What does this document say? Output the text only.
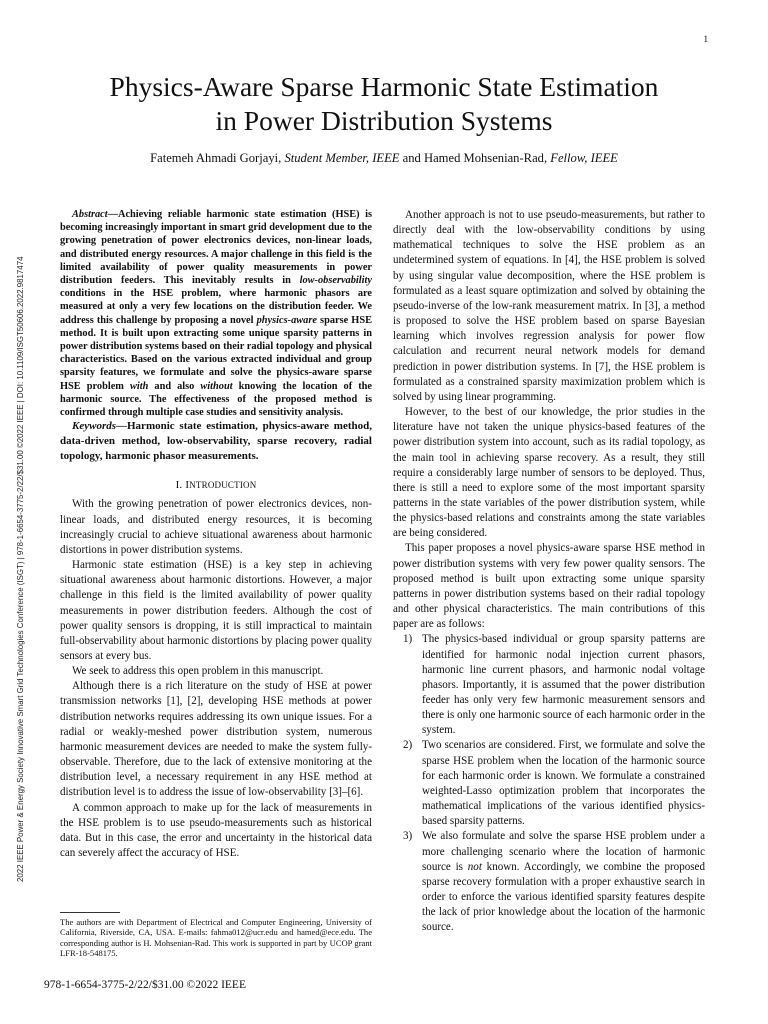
1
2022 IEEE Power & Energy Society Innovative Smart Grid Technologies Conference (ISGT) | 978-1-6654-3775-2/22/$31.00 ©2022 IEEE | DOI: 10.1109/ISGT50606.2022.9817474
Physics-Aware Sparse Harmonic State Estimation
in Power Distribution Systems
Fatemeh Ahmadi Gorjayi, Student Member, IEEE and Hamed Mohsenian-Rad, Fellow, IEEE

Abstract—Achieving reliable harmonic state estimation (HSE) is becoming increasingly important in smart grid development due to the growing penetration of power electronics devices, non-linear loads, and distributed energy resources. A major challenge in this field is the limited availability of power quality measurements in power distribution feeders. This inevitably results in low-observability conditions in the HSE problem, where harmonic phasors are measured at only a very few locations on the distribution feeder. We address this challenge by proposing a novel physics-aware sparse HSE method. It is built upon extracting some unique sparsity patterns in power distribution systems based on their radial topology and physical characteristics. Based on the various extracted individual and group sparsity features, we formulate and solve the physics-aware sparse HSE problem with and also without knowing the location of the harmonic source. The effectiveness of the proposed method is confirmed through multiple case studies and sensitivity analysis.

Keywords—Harmonic state estimation, physics-aware method, data-driven method, low-observability, sparse recovery, radial topology, harmonic phasor measurements.

I. INTRODUCTION

With the growing penetration of power electronics devices, non-linear loads, and distributed energy resources, it is becoming increasingly crucial to achieve situational awareness about harmonic distortions in power distribution systems.

Harmonic state estimation (HSE) is a key step in achieving situational awareness about harmonic distortions. However, a major challenge in this field is the limited availability of power quality measurements in power distribution feeders. Although the cost of power quality sensors is dropping, it is still impractical to maintain full-observability about harmonic distortions by placing power quality sensors at every bus.

We seek to address this open problem in this manuscript.

Although there is a rich literature on the study of HSE at power transmission networks [1], [2], developing HSE methods at power distribution networks requires addressing its own unique issues. For a radial or weakly-meshed power distribution system, numerous harmonic measurement devices are needed to make the system fully-observable. Therefore, due to the lack of extensive monitoring at the distribution level, a necessary requirement in any HSE method at distribution level is to address the issue of low-observability [3]–[6].

A common approach to make up for the lack of measurements in the HSE problem is to use pseudo-measurements such as historical data. But in this case, the error and uncertainty in the historical data can severely affect the accuracy of HSE.

The authors are with Department of Electrical and Computer Engineering, University of California, Riverside, CA, USA. E-mails: fahma012@ucr.edu and hamed@ece.edu. The corresponding author is H. Mohsenian-Rad. This work is supported in part by UCOP grant LFR-18-548175.

Another approach is not to use pseudo-measurements, but rather to directly deal with the low-observability conditions by using mathematical techniques to solve the HSE problem as an undetermined system of equations. In [4], the HSE problem is solved by using singular value decomposition, where the HSE problem is formulated as a least square optimization and solved by obtaining the pseudo-inverse of the low-rank measurement matrix. In [3], a method is proposed to solve the HSE problem based on sparse Bayesian learning which involves regression analysis for power flow calculation and recurrent neural network models for demand prediction in power distribution systems. In [7], the HSE problem is formulated as a constrained sparsity maximization problem which is solved by using linear programming.

However, to the best of our knowledge, the prior studies in the literature have not taken the unique physics-based features of the power distribution system into account, such as its radial topology, as the main tool in achieving sparse recovery. As a result, they still require a considerably large number of sensors to be deployed. Thus, there is still a need to explore some of the most important sparsity patterns in the state variables of the power distribution system, while the physics-based relations and constraints among the state variables are being considered.

This paper proposes a novel physics-aware sparse HSE method in power distribution systems with very few power quality sensors. The proposed method is built upon extracting some unique sparsity patterns in power distribution systems based on their radial topology and other physical characteristics. The main contributions of this paper are as follows:

1) The physics-based individual or group sparsity patterns are identified for harmonic nodal injection current phasors, harmonic line current phasors, and harmonic nodal voltage phasors. Importantly, it is assumed that the power distribution feeder has only very few harmonic measurement sensors and there is only one harmonic source of each harmonic order in the system.
2) Two scenarios are considered. First, we formulate and solve the sparse HSE problem when the location of the harmonic source for each harmonic order is known. We formulate a constrained weighted-Lasso optimization problem that incorporates the mathematical implications of the various identified physics-based sparsity patterns.
3) We also formulate and solve the sparse HSE problem under a more challenging scenario where the location of harmonic source is not known. Accordingly, we combine the proposed sparse recovery formulation with a proper exhaustive search in order to enforce the various identified sparsity features despite the lack of prior knowledge about the location of the harmonic source.
978-1-6654-3775-2/22/$31.00 ©2022 IEEE
